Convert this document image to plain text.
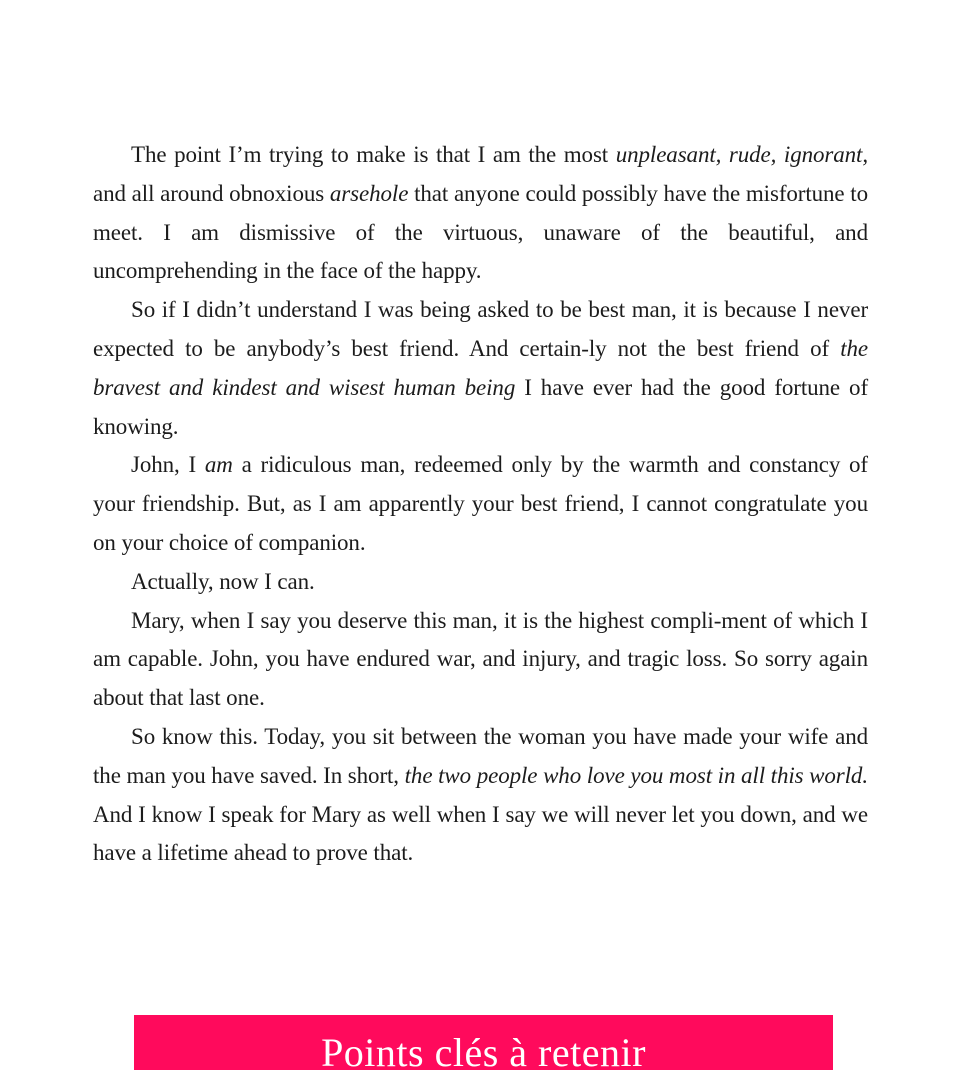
The point I’m trying to make is that I am the most unpleasant, rude, ignorant, and all around obnoxious arsehole that anyone could possibly have the misfortune to meet. I am dismissive of the virtuous, unaware of the beautiful, and uncomprehending in the face of the happy.

So if I didn’t understand I was being asked to be best man, it is because I never expected to be anybody’s best friend. And certain-ly not the best friend of the bravest and kindest and wisest human being I have ever had the good fortune of knowing.

John, I am a ridiculous man, redeemed only by the warmth and constancy of your friendship. But, as I am apparently your best friend, I cannot congratulate you on your choice of companion.

Actually, now I can.

Mary, when I say you deserve this man, it is the highest compli-ment of which I am capable. John, you have endured war, and injury, and tragic loss. So sorry again about that last one.

So know this. Today, you sit between the woman you have made your wife and the man you have saved. In short, the two people who love you most in all this world. And I know I speak for Mary as well when I say we will never let you down, and we have a lifetime ahead to prove that.

Points clés à retenir
